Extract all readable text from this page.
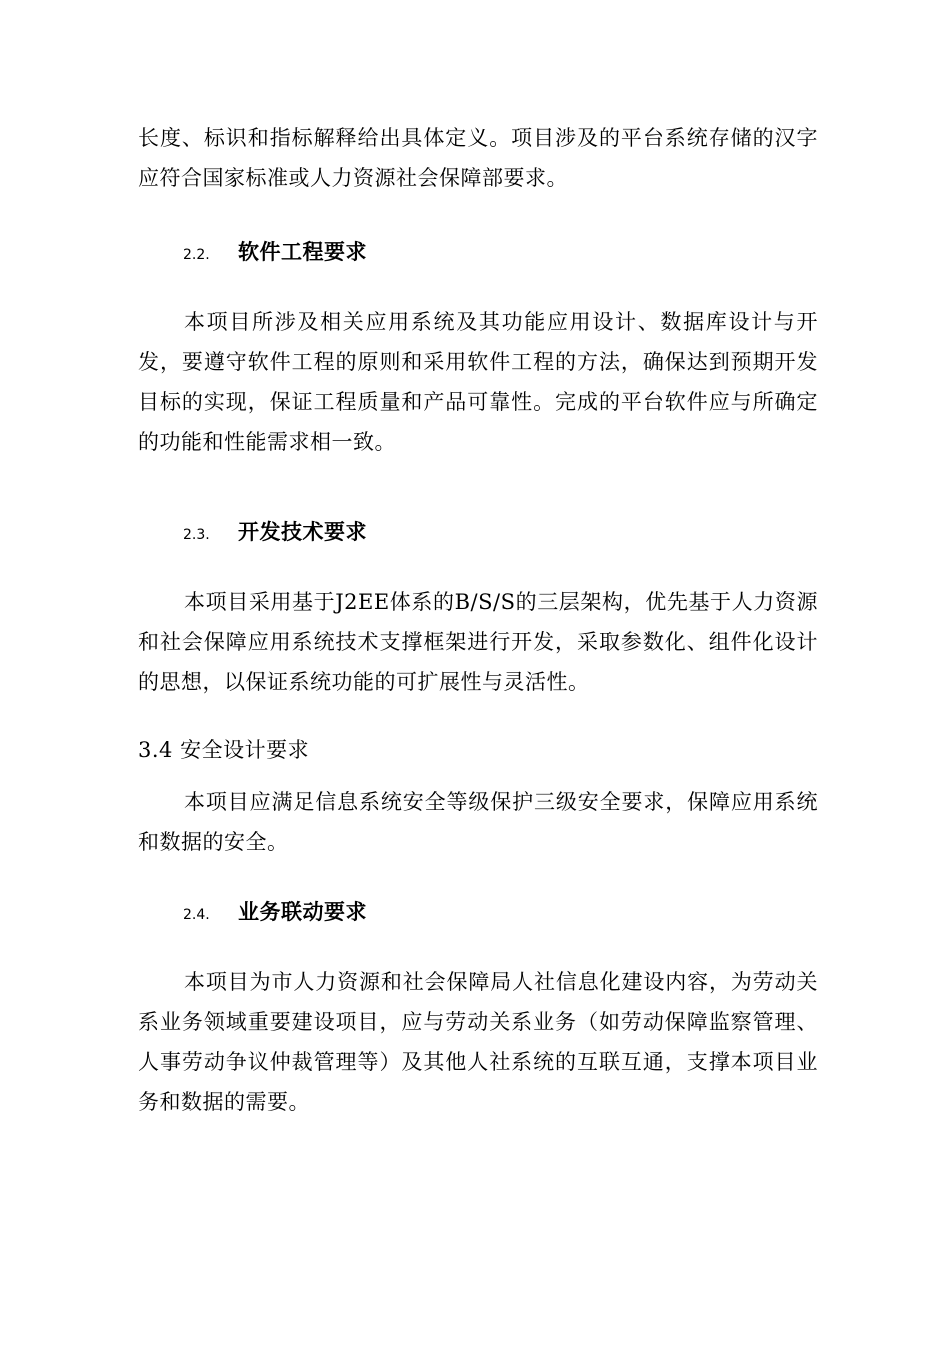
长度、标识和指标解释给出具体定义。项目涉及的平台系统存储的汉字应符合国家标准或人力资源社会保障部要求。

2.2.	软件工程要求

本项目所涉及相关应用系统及其功能应用设计、数据库设计与开发，要遵守软件工程的原则和采用软件工程的方法，确保达到预期开发目标的实现，保证工程质量和产品可靠性。完成的平台软件应与所确定的功能和性能需求相一致。

2.3.	开发技术要求

本项目采用基于J2EE体系的B/S/S的三层架构，优先基于人力资源和社会保障应用系统技术支撑框架进行开发，采取参数化、组件化设计的思想，以保证系统功能的可扩展性与灵活性。

3.4 安全设计要求

本项目应满足信息系统安全等级保护三级安全要求，保障应用系统和数据的安全。

2.4.	业务联动要求

本项目为市人力资源和社会保障局人社信息化建设内容，为劳动关系业务领域重要建设项目，应与劳动关系业务（如劳动保障监察管理、人事劳动争议仲裁管理等）及其他人社系统的互联互通，支撑本项目业务和数据的需要。
